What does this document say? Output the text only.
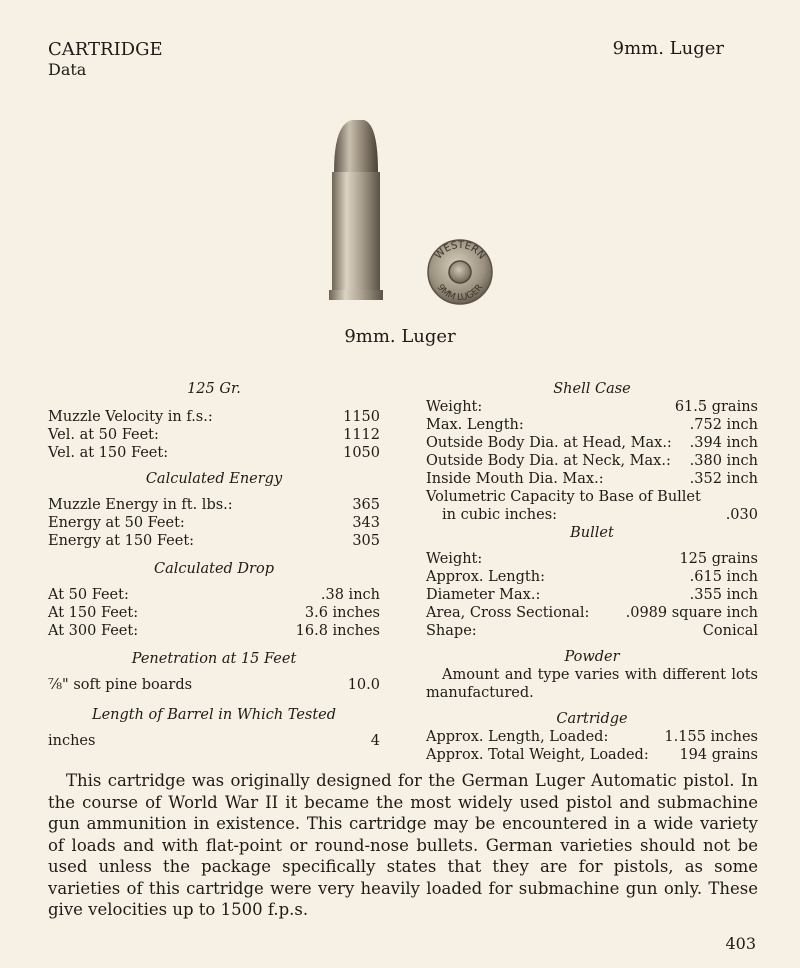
CARTRIDGE
Data
9mm. Luger
WESTERN
9MM LUGER
9mm. Luger

125 Gr.

Muzzle Velocity in f.s.:	1150
Vel. at 50 Feet:	1112
Vel. at 150 Feet:	1050

Calculated Energy

Muzzle Energy in ft. lbs.:	365
Energy at 50 Feet:	343
Energy at 150 Feet:	305

Calculated Drop

At 50 Feet:	.38 inch
At 150 Feet:	3.6 inches
At 300 Feet:	16.8 inches

Penetration at 15 Feet

⅞" soft pine boards	10.0

Length of Barrel in Which Tested

inches	4

Shell Case

Weight:	61.5 grains
Max. Length:	.752 inch
Outside Body Dia. at Head, Max.: .394 inch
Outside Body Dia. at Neck, Max.: .380 inch
Inside Mouth Dia. Max.:	.352 inch
Volumetric Capacity to Base of Bullet
in cubic inches:	.030

Bullet

Weight:	125 grains
Approx. Length:	.615 inch
Diameter Max.:	.355 inch
Area, Cross Sectional: .0989 square inch
Shape:	Conical

Powder

Amount and type varies with different lots manufactured.

Cartridge

Approx. Length, Loaded:	1.155 inches
Approx. Total Weight, Loaded: 194 grains

This cartridge was originally designed for the German Luger Automatic pistol. In the course of World War II it became the most widely used pistol and submachine gun ammunition in existence. This cartridge may be encountered in a wide variety of loads and with flat-point or round-nose bullets. German varieties should not be used unless the package specifically states that they are for pistols, as some varieties of this cartridge were very heavily loaded for submachine gun only. These give velocities up to 1500 f.p.s.

403
